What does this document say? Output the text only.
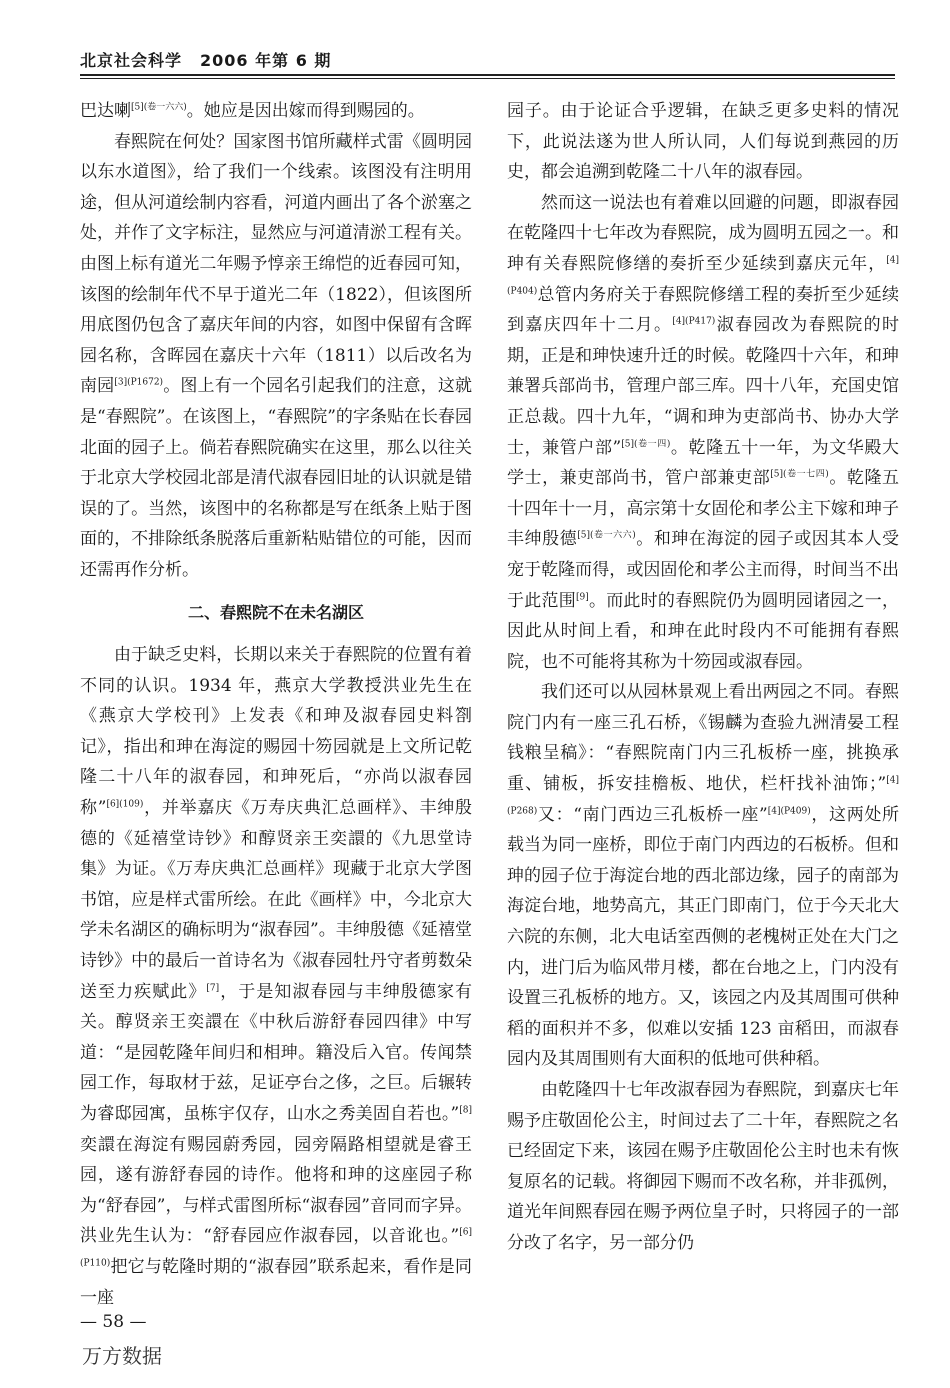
北京社会科学 2006 年第 6 期

巴达喇$^{[5](卷一六六)}$。她应是因出嫁而得到赐园的。

春熙院在何处？国家图书馆所藏样式雷《圆明园以东水道图》，给了我们一个线索。该图没有注明用途，但从河道绘制内容看，河道内画出了各个淤塞之处，并作了文字标注，显然应与河道清淤工程有关。由图上标有道光二年赐予惇亲王绵恺的近春园可知，该图的绘制年代不早于道光二年（1822），但该图所用底图仍包含了嘉庆年间的内容，如图中保留有含晖园名称，含晖园在嘉庆十六年（1811）以后改名为南园$^{[3](P1672)}$。图上有一个园名引起我们的注意，这就是“春熙院”。在该图上，“春熙院”的字条贴在长春园北面的园子上。倘若春熙院确实在这里，那么以往关于北京大学校园北部是清代淑春园旧址的认识就是错误的了。当然，该图中的名称都是写在纸条上贴于图面的，不排除纸条脱落后重新粘贴错位的可能，因而还需再作分析。

二、春熙院不在未名湖区

由于缺乏史料，长期以来关于春熙院的位置有着不同的认识。1934 年，燕京大学教授洪业先生在《燕京大学校刊》上发表《和珅及淑春园史料劄记》，指出和珅在海淀的赐园十笏园就是上文所记乾隆二十八年的淑春园，和珅死后，“亦尚以淑春园称”$^{[6](109)}$，并举嘉庆《万寿庆典汇总画样》、丰绅殷德的《延禧堂诗钞》和醇贤亲王奕譞的《九思堂诗集》为证。《万寿庆典汇总画样》现藏于北京大学图书馆，应是样式雷所绘。在此《画样》中，今北京大学未名湖区的确标明为“淑春园”。丰绅殷德《延禧堂诗钞》中的最后一首诗名为《淑春园牡丹守者剪数朵送至力疾赋此》[7]，于是知淑春园与丰绅殷德家有关。醇贤亲王奕譞在《中秋后游舒春园四律》中写道：“是园乾隆年间归和相珅。籍没后入官。传闻禁园工作，每取材于兹，足证亭台之侈，之巨。后辗转为睿邸园寓，虽栋宇仅存，山水之秀美固自若也。”[8]奕譞在海淀有赐园蔚秀园，园旁隔路相望就是睿王园，遂有游舒春园的诗作。他将和珅的这座园子称为“舒春园”，与样式雷图所标“淑春园”音同而字异。洪业先生认为：“舒春园应作淑春园，以音讹也。”$^{[6](P110)}$把它与乾隆时期的“淑春园”联系起来，看作是同一座

园子。由于论证合乎逻辑，在缺乏更多史料的情况下，此说法遂为世人所认同，人们每说到燕园的历史，都会追溯到乾隆二十八年的淑春园。

然而这一说法也有着难以回避的问题，即淑春园在乾隆四十七年改为春熙院，成为圆明五园之一。和珅有关春熙院修缮的奏折至少延续到嘉庆元年，$^{[4](P404)}$总管内务府关于春熙院修缮工程的奏折至少延续到嘉庆四年十二月。$^{[4](P417)}$淑春园改为春熙院的时期，正是和珅快速升迁的时候。乾隆四十六年，和珅兼署兵部尚书，管理户部三库。四十八年，充国史馆正总裁。四十九年，“调和珅为吏部尚书、协办大学士，兼管户部”$^{[5](卷一四)}$。乾隆五十一年，为文华殿大学士，兼吏部尚书，管户部兼吏部$^{[5](卷一七四)}$。乾隆五十四年十一月，高宗第十女固伦和孝公主下嫁和珅子丰绅殷德$^{[5](卷一六六)}$。和珅在海淀的园子或因其本人受宠于乾隆而得，或因固伦和孝公主而得，时间当不出于此范围[9]。而此时的春熙院仍为圆明园诸园之一，因此从时间上看，和珅在此时段内不可能拥有春熙院，也不可能将其称为十笏园或淑春园。

我们还可以从园林景观上看出两园之不同。春熙院门内有一座三孔石桥，《锡麟为查验九洲清晏工程钱粮呈稿》：“春熙院南门内三孔板桥一座，挑换承重、铺板，拆安挂檐板、地伏，栏杆找补油饰；”$^{[4](P268)}$又：“南门西边三孔板桥一座”$^{[4](P409)}$，这两处所载当为同一座桥，即位于南门内西边的石板桥。但和珅的园子位于海淀台地的西北部边缘，园子的南部为海淀台地，地势高亢，其正门即南门，位于今天北大六院的东侧，北大电话室西侧的老槐树正处在大门之内，进门后为临风带月楼，都在台地之上，门内没有设置三孔板桥的地方。又，该园之内及其周围可供种稻的面积并不多，似难以安插 123 亩稻田，而淑春园内及其周围则有大面积的低地可供种稻。

由乾隆四十七年改淑春园为春熙院，到嘉庆七年赐予庄敬固伦公主，时间过去了二十年，春熙院之名已经固定下来，该园在赐予庄敬固伦公主时也未有恢复原名的记载。将御园下赐而不改名称，并非孤例，道光年间熙春园在赐予两位皇子时，只将园子的一部分改了名字，另一部分仍

— 58 —
万方数据
